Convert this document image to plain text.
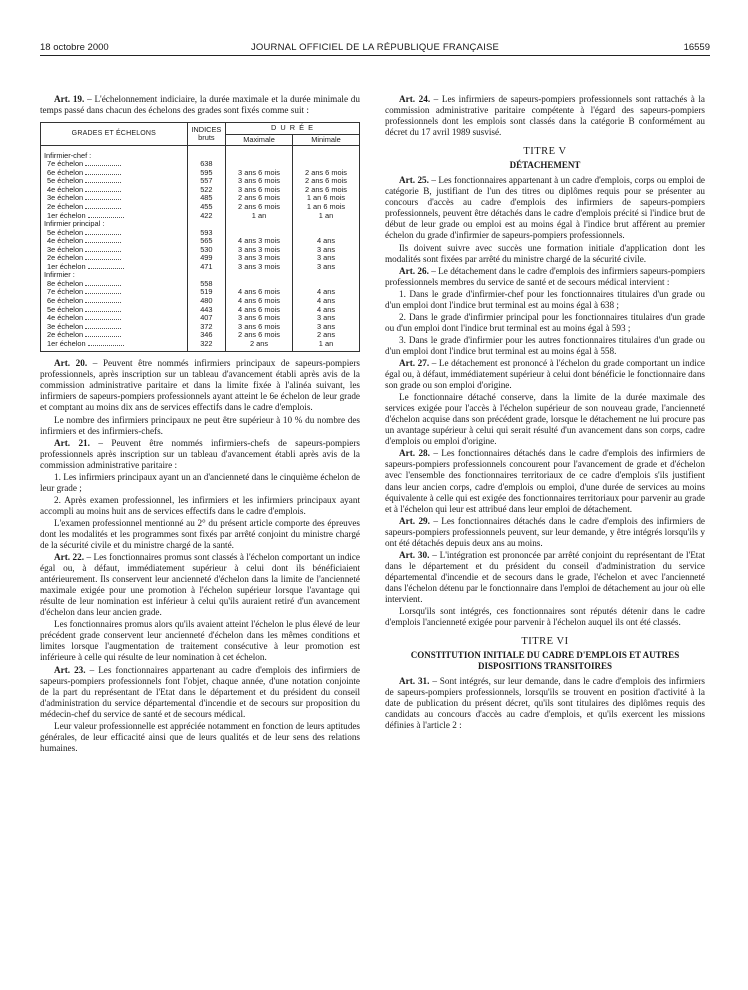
18 octobre 2000	JOURNAL OFFICIEL DE LA RÉPUBLIQUE FRANÇAISE	16559

Art. 19. – L'échelonnement indiciaire, la durée maximale et la durée minimale du temps passé dans chacun des échelons des grades sont fixés comme suit :

GRADES ET ÉCHELONS	INDICES bruts	D U R É E	
		Maximale	Minimale

Infirmier-chef :			
7e échelon	638		
6e échelon	595	3 ans 6 mois	2 ans 6 mois
5e échelon	557	3 ans 6 mois	2 ans 6 mois
4e échelon	522	3 ans 6 mois	2 ans 6 mois
3e échelon	485	2 ans 6 mois	1 an 6 mois
2e échelon	455	2 ans 6 mois	1 an 6 mois
1er échelon	422	1 an	1 an
Infirmier principal :			
5e échelon	593		
4e échelon	565	4 ans 3 mois	4 ans
3e échelon	530	3 ans 3 mois	3 ans
2e échelon	499	3 ans 3 mois	3 ans
1er échelon	471	3 ans 3 mois	3 ans
Infirmier :			
8e échelon	558		
7e échelon	519	4 ans 6 mois	4 ans
6e échelon	480	4 ans 6 mois	4 ans
5e échelon	443	4 ans 6 mois	4 ans
4e échelon	407	3 ans 6 mois	3 ans
3e échelon	372	3 ans 6 mois	3 ans
2e échelon	346	2 ans 6 mois	2 ans
1er échelon	322	2 ans	1 an

Art. 20. – Peuvent être nommés infirmiers principaux de sapeurs-pompiers professionnels, après inscription sur un tableau d'avancement établi après avis de la commission administrative paritaire et dans la limite fixée à l'alinéa suivant, les infirmiers de sapeurs-pompiers professionnels ayant atteint le 6e échelon de leur grade et comptant au moins dix ans de services effectifs dans le cadre d'emplois.

Le nombre des infirmiers principaux ne peut être supérieur à 10 % du nombre des infirmiers et des infirmiers-chefs.

Art. 21. – Peuvent être nommés infirmiers-chefs de sapeurs-pompiers professionnels après inscription sur un tableau d'avancement établi après avis de la commission administrative paritaire :

1. Les infirmiers principaux ayant un an d'ancienneté dans le cinquième échelon de leur grade ;

2. Après examen professionnel, les infirmiers et les infirmiers principaux ayant accompli au moins huit ans de services effectifs dans le cadre d'emplois.

L'examen professionnel mentionné au 2° du présent article comporte des épreuves dont les modalités et les programmes sont fixés par arrêté conjoint du ministre chargé de la sécurité civile et du ministre chargé de la santé.

Art. 22. – Les fonctionnaires promus sont classés à l'échelon comportant un indice égal ou, à défaut, immédiatement supérieur à celui dont ils bénéficiaient antérieurement. Ils conservent leur ancienneté d'échelon dans la limite de l'ancienneté maximale exigée pour une promotion à l'échelon supérieur lorsque l'avantage qui résulte de leur nomination est inférieur à celui qu'ils auraient retiré d'un avancement d'échelon dans leur ancien grade.

Les fonctionnaires promus alors qu'ils avaient atteint l'échelon le plus élevé de leur précédent grade conservent leur ancienneté d'échelon dans les mêmes conditions et limites lorsque l'augmentation de traitement consécutive à leur promotion est inférieure à celle qui résulte de leur nomination à cet échelon.

Art. 23. – Les fonctionnaires appartenant au cadre d'emplois des infirmiers de sapeurs-pompiers professionnels font l'objet, chaque année, d'une notation conjointe de la part du représentant de l'Etat dans le département et du président du conseil d'administration du service départemental d'incendie et de secours sur proposition du médecin-chef du service de santé et de secours médical.

Leur valeur professionnelle est appréciée notamment en fonction de leurs aptitudes générales, de leur efficacité ainsi que de leurs qualités et de leur sens des relations humaines.

Art. 24. – Les infirmiers de sapeurs-pompiers professionnels sont rattachés à la commission administrative paritaire compétente à l'égard des sapeurs-pompiers professionnels dont les emplois sont classés dans la catégorie B conformément au décret du 17 avril 1989 susvisé.

TITRE V
DÉTACHEMENT

Art. 25. – Les fonctionnaires appartenant à un cadre d'emplois, corps ou emploi de catégorie B, justifiant de l'un des titres ou diplômes requis pour se présenter au concours d'accès au cadre d'emplois des infirmiers de sapeurs-pompiers professionnels, peuvent être détachés dans le cadre d'emplois précité si l'indice brut de début de leur grade ou emploi est au moins égal à l'indice brut afférent au premier échelon du grade d'infirmier de sapeurs-pompiers professionnels.

Ils doivent suivre avec succès une formation initiale d'application dont les modalités sont fixées par arrêté du ministre chargé de la sécurité civile.

Art. 26. – Le détachement dans le cadre d'emplois des infirmiers sapeurs-pompiers professionnels membres du service de santé et de secours médical intervient :

1. Dans le grade d'infirmier-chef pour les fonctionnaires titulaires d'un grade ou d'un emploi dont l'indice brut terminal est au moins égal à 638 ;

2. Dans le grade d'infirmier principal pour les fonctionnaires titulaires d'un grade ou d'un emploi dont l'indice brut terminal est au moins égal à 593 ;

3. Dans le grade d'infirmier pour les autres fonctionnaires titulaires d'un grade ou d'un emploi dont l'indice brut terminal est au moins égal à 558.

Art. 27. – Le détachement est prononcé à l'échelon du grade comportant un indice égal ou, à défaut, immédiatement supérieur à celui dont bénéficie le fonctionnaire dans son grade ou son emploi d'origine.

Le fonctionnaire détaché conserve, dans la limite de la durée maximale des services exigée pour l'accès à l'échelon supérieur de son nouveau grade, l'ancienneté d'échelon acquise dans son précédent grade, lorsque le détachement ne lui procure pas un avantage supérieur à celui qui serait résulté d'un avancement dans son corps, cadre d'emplois ou emploi d'origine.

Art. 28. – Les fonctionnaires détachés dans le cadre d'emplois des infirmiers de sapeurs-pompiers professionnels concourent pour l'avancement de grade et d'échelon avec l'ensemble des fonctionnaires territoriaux de ce cadre d'emplois s'ils justifient dans leur ancien corps, cadre d'emplois ou emploi, d'une durée de services au moins équivalente à celle qui est exigée des fonctionnaires territoriaux pour parvenir au grade et à l'échelon qui leur est attribué dans leur emploi de détachement.

Art. 29. – Les fonctionnaires détachés dans le cadre d'emplois des infirmiers de sapeurs-pompiers professionnels peuvent, sur leur demande, y être intégrés lorsqu'ils y ont été détachés depuis deux ans au moins.

Art. 30. – L'intégration est prononcée par arrêté conjoint du représentant de l'Etat dans le département et du président du conseil d'administration du service départemental d'incendie et de secours dans le grade, l'échelon et avec l'ancienneté dans l'échelon détenu par le fonctionnaire dans l'emploi de détachement au jour où elle intervient.

Lorsqu'ils sont intégrés, ces fonctionnaires sont réputés détenir dans le cadre d'emplois l'ancienneté exigée pour parvenir à l'échelon auquel ils ont été classés.

TITRE VI
CONSTITUTION INITIALE DU CADRE D'EMPLOIS ET AUTRES DISPOSITIONS TRANSITOIRES

Art. 31. – Sont intégrés, sur leur demande, dans le cadre d'emplois des infirmiers de sapeurs-pompiers professionnels, lorsqu'ils se trouvent en position d'activité à la date de publication du présent décret, qu'ils sont titulaires des diplômes requis des candidats au concours d'accès au cadre d'emplois, et qu'ils exercent les missions définies à l'article 2 :
